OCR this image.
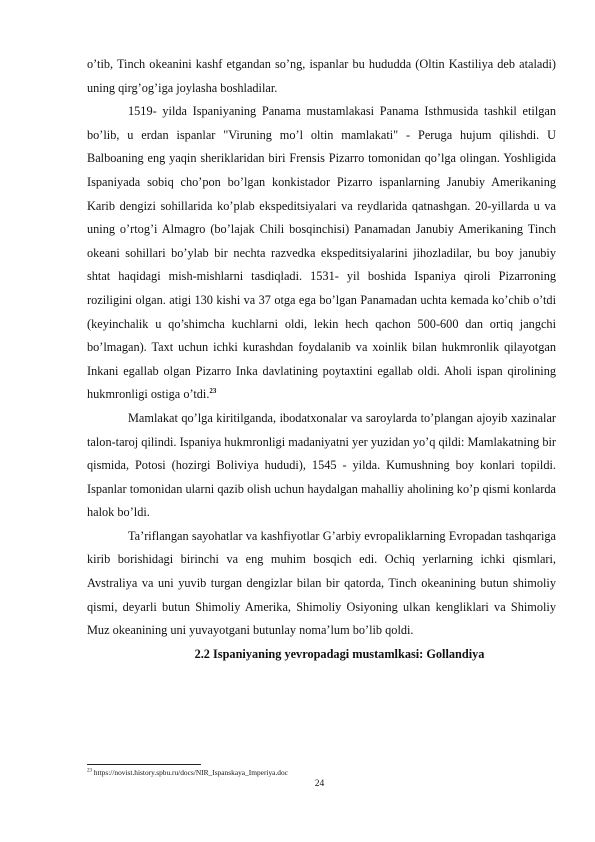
o’tib, Tinch okeanini kashf etgandan so’ng, ispanlar bu hududda (Oltin Kastiliya deb ataladi) uning qirg’og’iga joylasha boshladilar.

1519- yilda Ispaniyaning Panama mustamlakasi Panama Isthmusida tashkil etilgan bo’lib, u erdan ispanlar "Viruning mo’l oltin mamlakati" - Peruga hujum qilishdi. U Balboaning eng yaqin sheriklaridan biri Frensis Pizarro tomonidan qo’lga olingan. Yoshligida Ispaniyada sobiq cho’pon bo’lgan konkistador Pizarro ispanlarning Janubiy Amerikaning Karib dengizi sohillarida ko’plab ekspeditsiyalari va reydlarida qatnashgan. 20-yillarda u va uning o’rtog’i Almagro (bo’lajak Chili bosqinchisi) Panamadan Janubiy Amerikaning Tinch okeani sohillari bo’ylab bir nechta razvedka ekspeditsiyalarini jihozladilar, bu boy janubiy shtat haqidagi mish-mishlarni tasdiqladi. 1531- yil boshida Ispaniya qiroli Pizarroning roziligini olgan. atigi 130 kishi va 37 otga ega bo’lgan Panamadan uchta kemada ko’chib o’tdi (keyinchalik u qo’shimcha kuchlarni oldi, lekin hech qachon 500-600 dan ortiq jangchi bo’lmagan). Taxt uchun ichki kurashdan foydalanib va xoinlik bilan hukmronlik qilayotgan Inkani egallab olgan Pizarro Inka davlatining poytaxtini egallab oldi. Aholi ispan qirolining hukmronligi ostiga o’tdi.$^{23}$

Mamlakat qo’lga kiritilganda, ibodatxonalar va saroylarda to’plangan ajoyib xazinalar talon-taroj qilindi. Ispaniya hukmronligi madaniyatni yer yuzidan yo’q qildi: Mamlakatning bir qismida, Potosi (hozirgi Boliviya hududi), 1545 - yilda. Kumushning boy konlari topildi. Ispanlar tomonidan ularni qazib olish uchun haydalgan mahalliy aholining ko’p qismi konlarda halok bo’ldi.

Ta’riflangan sayohatlar va kashfiyotlar G’arbiy evropaliklarning Evropadan tashqariga kirib borishidagi birinchi va eng muhim bosqich edi. Ochiq yerlarning ichki qismlari, Avstraliya va uni yuvib turgan dengizlar bilan bir qatorda, Tinch okeanining butun shimoliy qismi, deyarli butun Shimoliy Amerika, Shimoliy Osiyoning ulkan kengliklari va Shimoliy Muz okeanining uni yuvayotgani butunlay noma’lum bo’lib qoldi.

2.2 Ispaniyaning yevropadagi mustamlkasi: Gollandiya

$^{23}$ https://novist.history.spbu.ru/docs/NIR_Ispanskaya_Imperiya.doc
24
